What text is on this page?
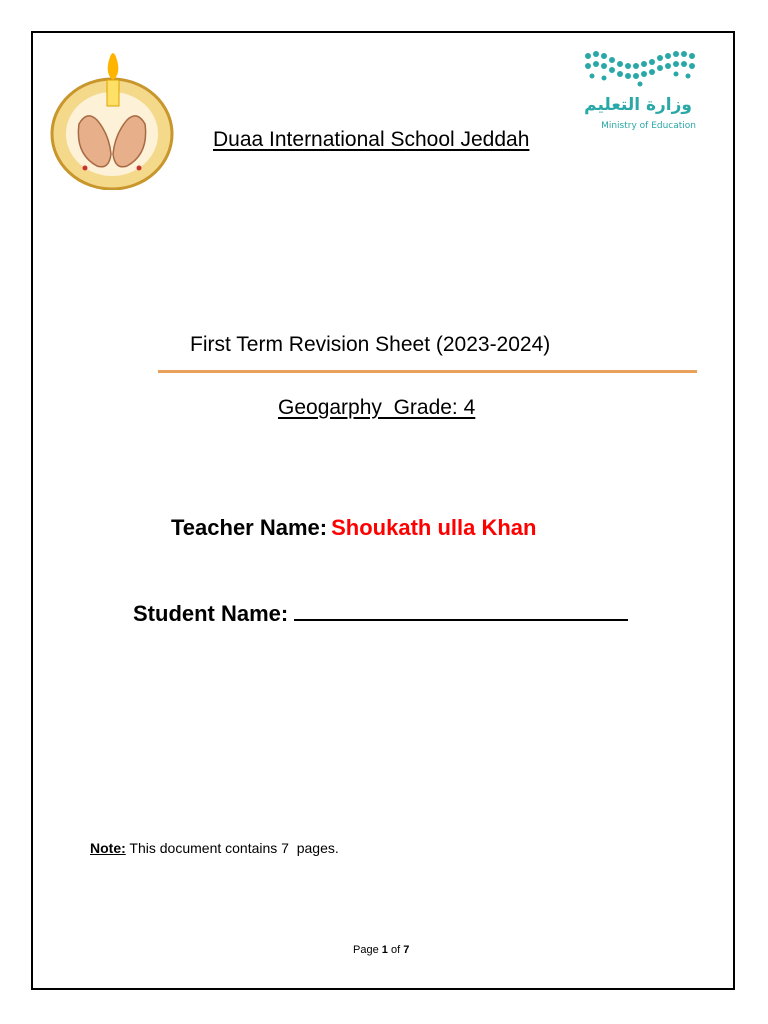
وزارة التعليم
Ministry of Education
Duaa International School Jeddah
First Term Revision Sheet (2023-2024)
Geogarphy  Grade: 4
Teacher Name: Shoukath ulla Khan
Student Name:
Note: This document contains 7  pages.
Page 1 of 7
